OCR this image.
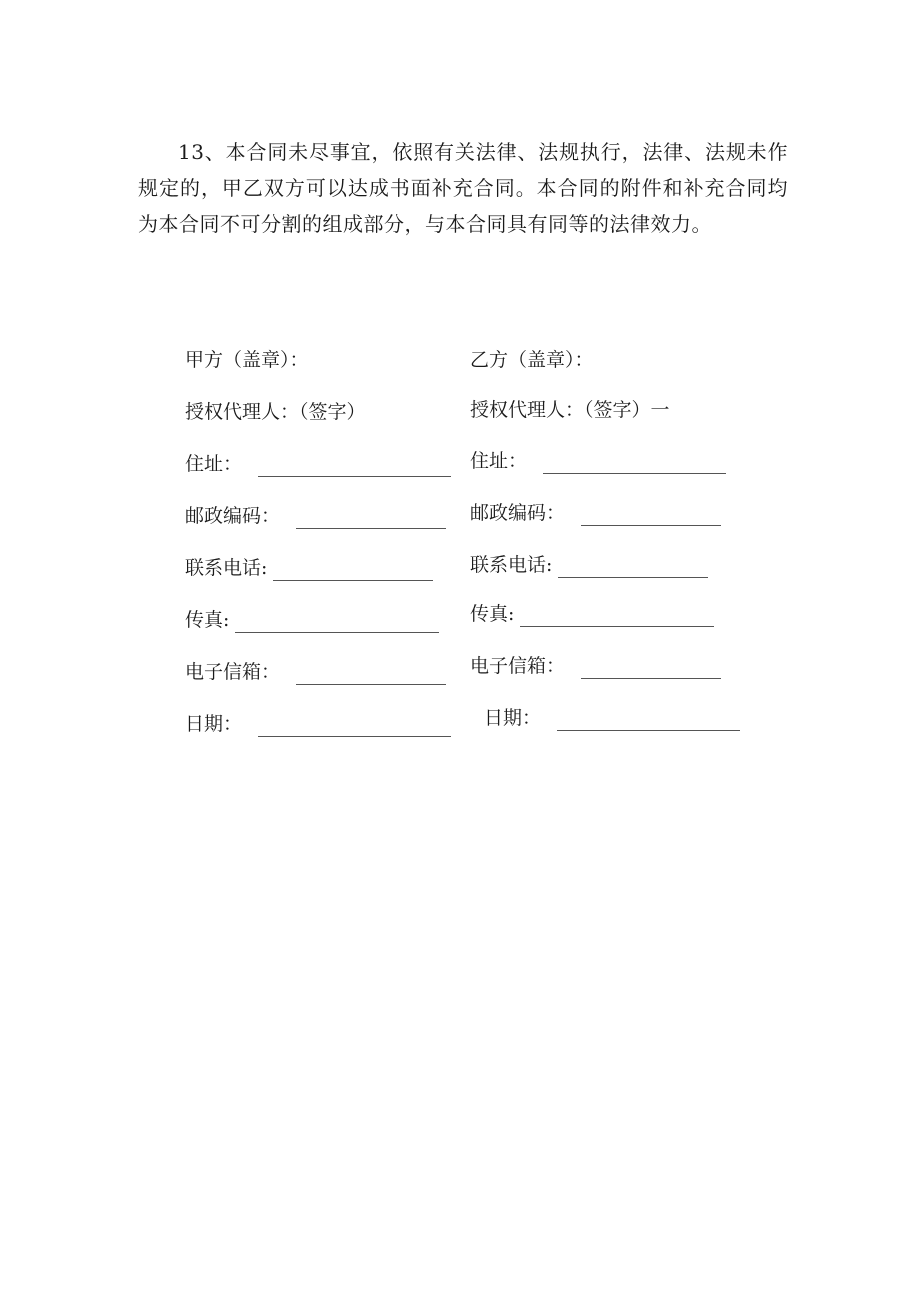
13、本合同未尽事宜，依照有关法律、法规执行，法律、法规未作规定的，甲乙双方可以达成书面补充合同。本合同的附件和补充合同均为本合同不可分割的组成部分，与本合同具有同等的法律效力。

甲方（盖章）：
授权代理人：（签字）
住址：
邮政编码：
联系电话:
传真:
电子信箱：
日期：
乙方（盖章）：
授权代理人：（签字）一
住址：
邮政编码：
联系电话:
传真:
电子信箱：
日期：
